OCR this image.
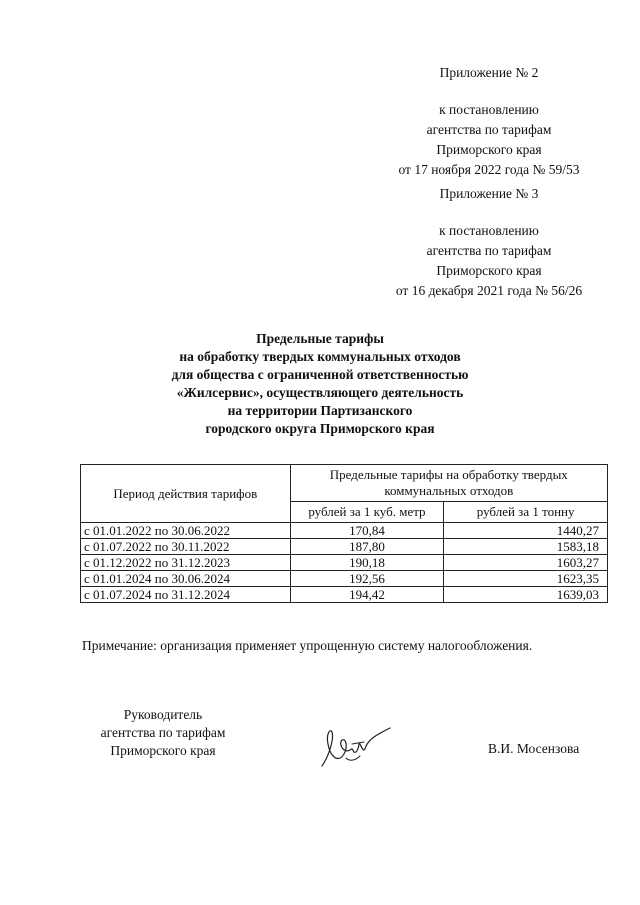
Приложение № 2
к постановлению
агентства по тарифам
Приморского края
от 17 ноября 2022 года № 59/53
Приложение № 3
к постановлению
агентства по тарифам
Приморского края
от 16 декабря 2021 года № 56/26
Предельные тарифы
на обработку твердых коммунальных отходов
для общества с ограниченной ответственностью
«Жилсервис», осуществляющего деятельность
на территории Партизанского
городского округа Приморского края
Период действия тарифов	Предельные тарифы на обработку твердых коммунальных отходов	
	рублей за 1 куб. метр	рублей за 1 тонну
с 01.01.2022 по 30.06.2022	170,84	1440,27
с 01.07.2022 по 30.11.2022	187,80	1583,18
с 01.12.2022 по 31.12.2023	190,18	1603,27
с 01.01.2024 по 30.06.2024	192,56	1623,35
с 01.07.2024 по 31.12.2024	194,42	1639,03
Примечание: организация применяет упрощенную систему налогообложения.
Руководитель
агентства по тарифам
Приморского края	В.И. Мосензова
